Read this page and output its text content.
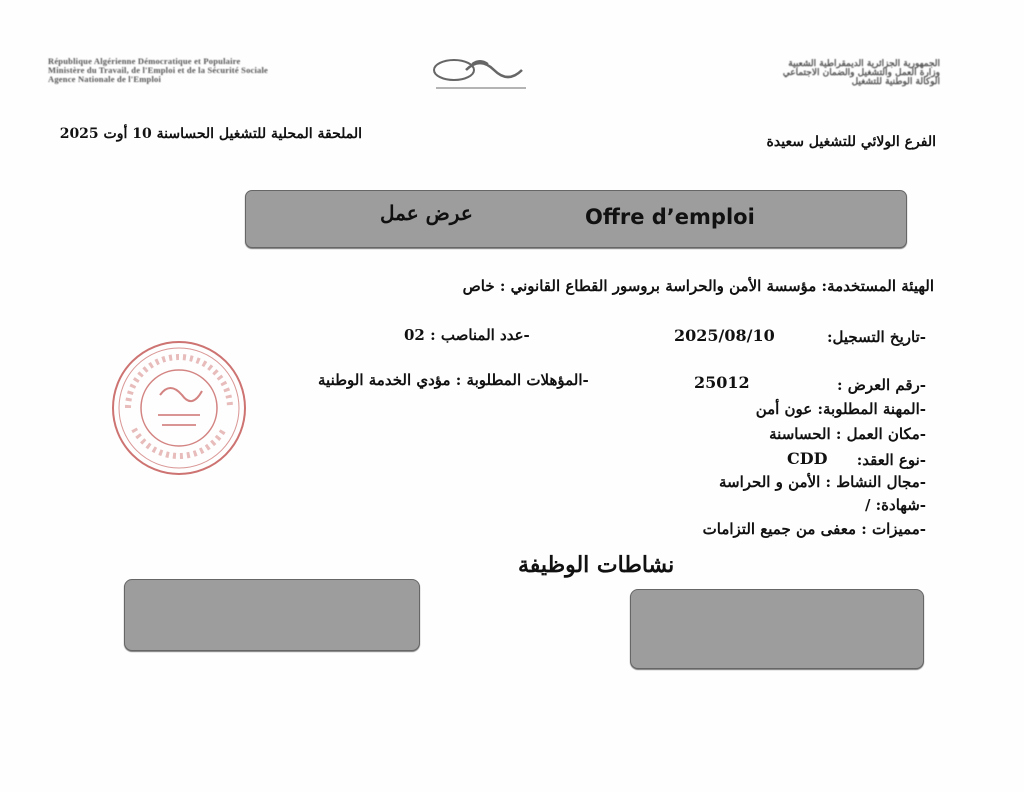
République Algérienne Démocratique et Populaire
Ministère du Travail, de l'Emploi et de la Sécurité Sociale
Agence Nationale de l'Emploi
الجمهورية الجزائرية الديمقراطية الشعبية
وزارة العمل والتشغيل والضمان الاجتماعي
الوكالة الوطنية للتشغيل
الملحقة المحلية للتشغيل الحساسنة 10 أوت 2025	الفرع الولائي للتشغيل سعيدة
Offre d’emploi
عرض عمل
الهيئة المستخدمة: مؤسسة الأمن والحراسة بروسور القطاع القانوني : خاص
-تاريخ التسجيل:
2025/08/10
-عدد المناصب : 02
-رقم العرض :
25012
-المؤهلات المطلوبة : مؤدي الخدمة الوطنية
-المهنة المطلوبة: عون أمن
-مكان العمل : الحساسنة
-نوع العقد:
CDD
-مجال النشاط : الأمن و الحراسة
-شهادة: /
-مميزات : معفى من جميع التزامات
نشاطات الوظيفة
